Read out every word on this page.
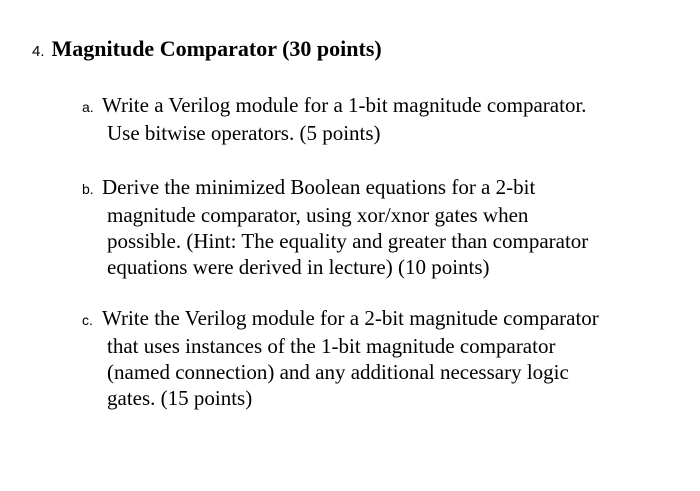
4. Magnitude Comparator (30 points)
a. Write a Verilog module for a 1-bit magnitude comparator.
Use bitwise operators. (5 points)
b. Derive the minimized Boolean equations for a 2-bit
magnitude comparator, using xor/xnor gates when
possible. (Hint: The equality and greater than comparator
equations were derived in lecture) (10 points)
c. Write the Verilog module for a 2-bit magnitude comparator
that uses instances of the 1-bit magnitude comparator
(named connection) and any additional necessary logic
gates. (15 points)
